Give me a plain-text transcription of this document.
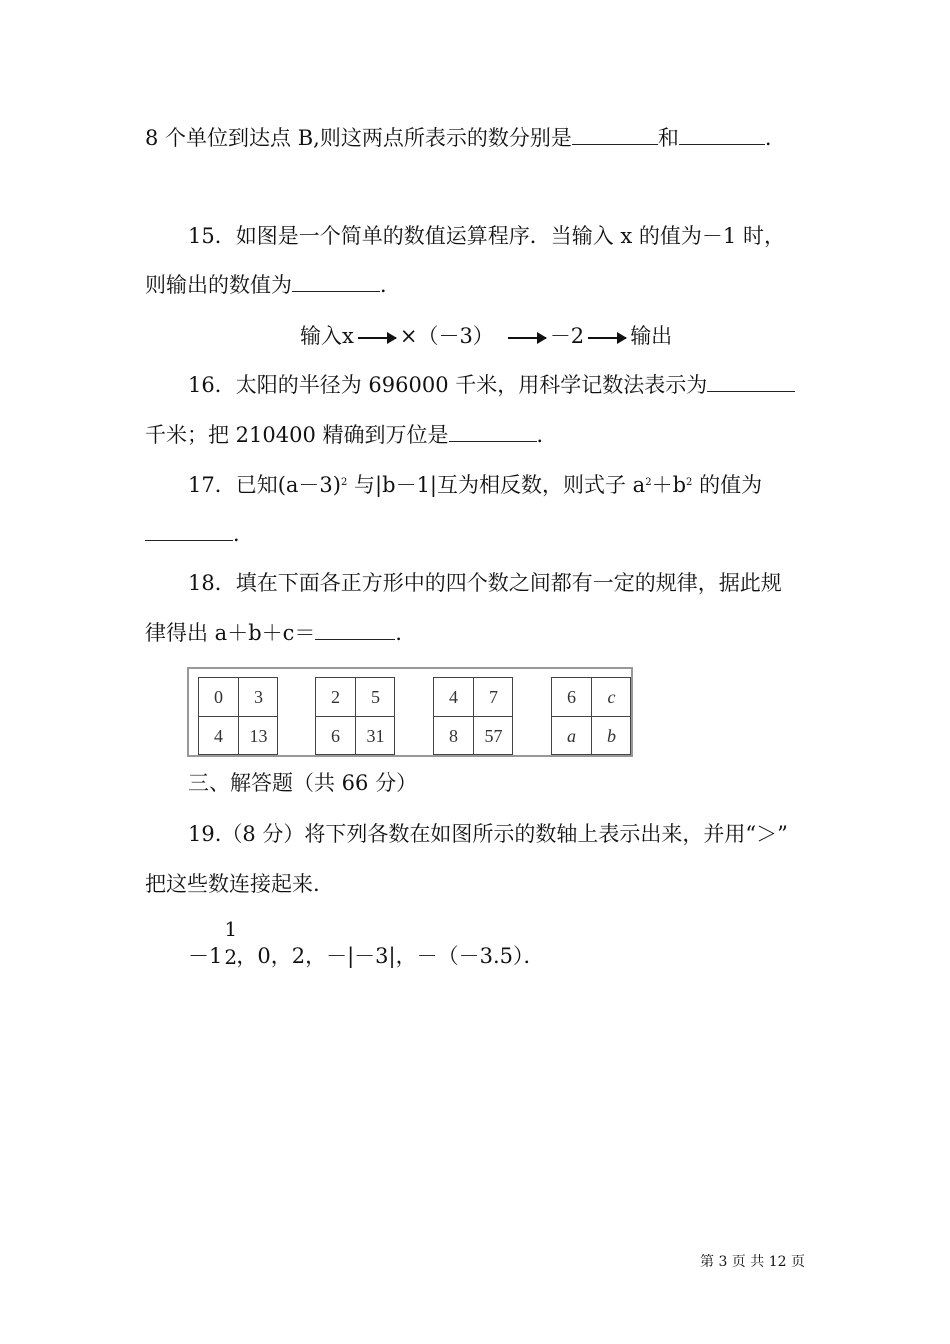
8 个单位到达点 B,则这两点所表示的数分别是	和	.
15．如图是一个简单的数值运算程序．当输入 x 的值为－1 时，
则输出的数值为	．
输入x ×（－3）	－2 输出
16．太阳的半径为 696000 千米，用科学记数法表示为
千米；把 210400 精确到万位是	．
17．已知$(a-3)^2$ 与|b－1|互为相反数，则式子 $a^2+b^2$ 的值为
．
18．填在下面各正方形中的四个数之间都有一定的规律，据此规
律得出 a＋b＋c＝	．
0	3
4	13
2	5
6	31
4	7
8	57
6	c
a	b
三、解答题（共 66 分）
19.（8 分）将下列各数在如图所示的数轴上表示出来，并用“＞”
把这些数连接起来.
－1
1
2 ，0，2，－|－3|，－（－3.5）．
第 3 页 共 12 页
